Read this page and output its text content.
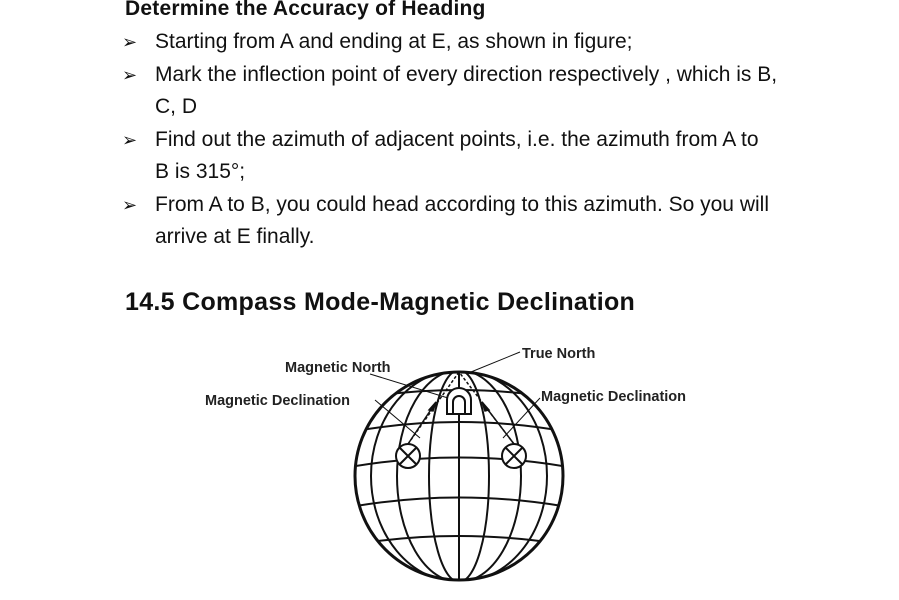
Determine the Accuracy of Heading
➢ Starting from A and ending at E, as shown in figure;
➢ Mark the inflection point of every direction respectively , which is B, C, D
➢ Find out the azimuth of adjacent points, i.e. the azimuth from A to B is 315°;
➢ From A to B, you could head according to this azimuth. So you will arrive at E finally.
14.5 Compass Mode-Magnetic Declination
Magnetic North
True North
Magnetic Declination	Magnetic Declination
